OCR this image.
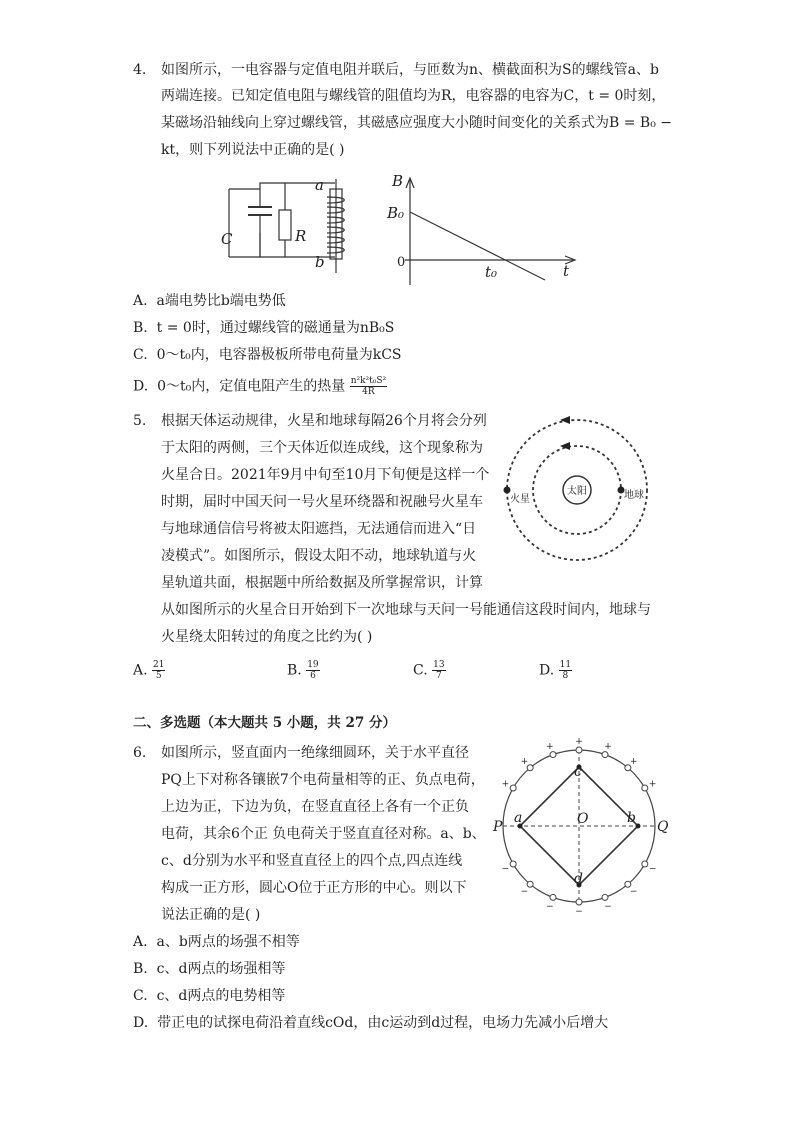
4. 如图所示，一电容器与定值电阻并联后，与匝数为n、横截面积为S的螺线管a、b
两端连接。已知定值电阻与螺线管的阻值均为R，电容器的电容为C，t = 0时刻，
某磁场沿轴线向上穿过螺线管，其磁感应强度大小随时间变化的关系式为B = B₀ −
kt，则下列说法中正确的是( )
a
b
C	R
B
B₀
t₀	t
0
A. a端电势比b端电势低
B. t = 0时，通过螺线管的磁通量为nB₀S
C. 0～t₀内，电容器极板所带电荷量为kCS
D. 0～t₀内，定值电阻产生的热量 $\frac{\text{n²k²t₀S²}}{4R}$
5. 根据天体运动规律，火星和地球每隔26个月将会分列
于太阳的两侧，三个天体近似连成线，这个现象称为
火星合日。2021年9月中旬至10月下旬便是这样一个
时期，届时中国天问一号火星环绕器和祝融号火星车
与地球通信信号将被太阳遮挡，无法通信而进入“日
凌模式”。如图所示，假设太阳不动，地球轨道与火
星轨道共面，根据题中所给数据及所掌握常识，计算
从如图所示的火星合日开始到下一次地球与天问一号能通信这段时间内，地球与
火星绕太阳转过的角度之比约为( )
太阳
火星	地球
A. $\frac{21}{5}$	B. $\frac{19}{6}$	C. $\frac{13}{7}$	D. $\frac{11}{8}$
二、多选题（本大题共 5 小题，共 27 分）
6. 如图所示，竖直面内一绝缘细圆环，关于水平直径
PQ上下对称各镶嵌7个电荷量相等的正、负点电荷，
上边为正，下边为负，在竖直直径上各有一个正负
电荷，其余6个正 负电荷关于竖直直径对称。a、b、
c、d分别为水平和竖直直径上的四个点,四点连线
构成一正方形，圆心O位于正方形的中心。则以下
说法正确的是( )
+
+
+
+
+
+
+
−
−
−
−
−
−
−
P	Q
a	b
c
d
O
A. a、b两点的场强不相等
B. c、d两点的场强相等
C. c、d两点的电势相等
D. 带正电的试探电荷沿着直线cOd，由c运动到d过程，电场力先减小后增大
